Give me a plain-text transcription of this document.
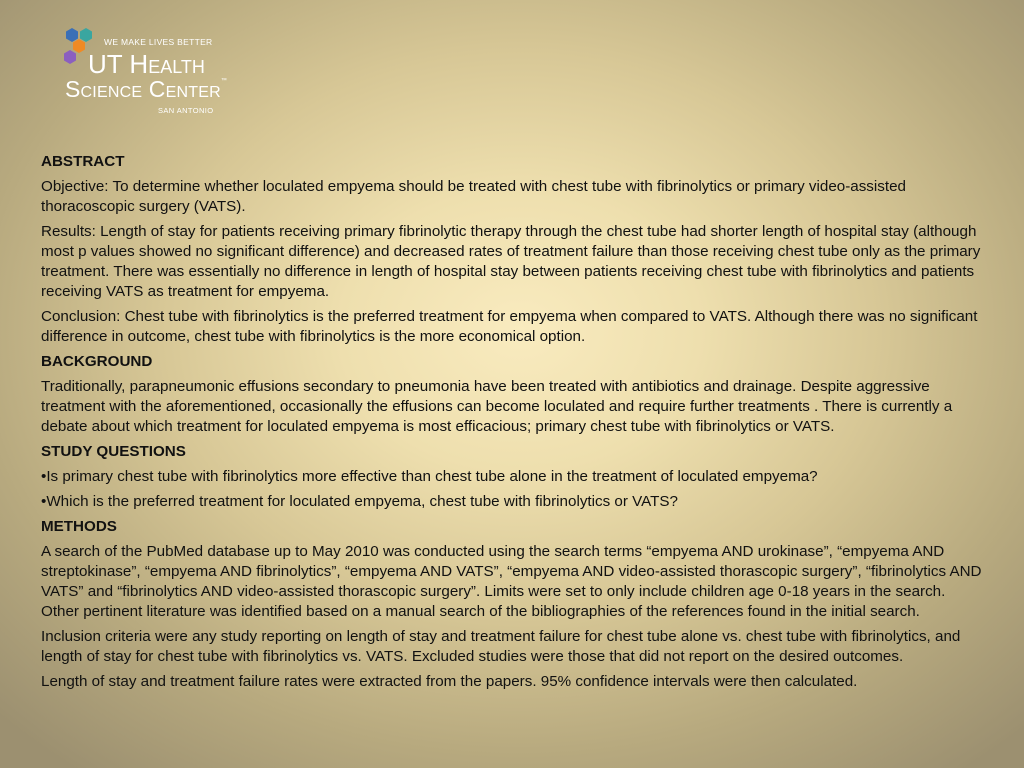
WE MAKE LIVES BETTER
UT Health
Science Center™
SAN ANTONIO
ABSTRACT

Objective: To determine whether loculated empyema should be treated with chest tube with fibrinolytics or primary video-assisted thoracoscopic surgery (VATS).

Results: Length of stay for patients receiving primary fibrinolytic therapy through the chest tube had shorter length of hospital stay (although most p values showed no significant difference) and decreased rates of treatment failure than those receiving chest tube only as the primary treatment. There was essentially no difference in length of hospital stay between patients receiving chest tube with fibrinolytics and patients receiving VATS as treatment for empyema.

Conclusion: Chest tube with fibrinolytics is the preferred treatment for empyema when compared to VATS. Although there was no significant difference in outcome, chest tube with fibrinolytics is the more economical option.

BACKGROUND

Traditionally, parapneumonic effusions secondary to pneumonia have been treated with antibiotics and drainage. Despite aggressive treatment with the aforementioned, occasionally the effusions can become loculated and require further treatments . There is currently a debate about which treatment for loculated empyema is most efficacious; primary chest tube with fibrinolytics or VATS.

STUDY QUESTIONS

•Is primary chest tube with fibrinolytics more effective than chest tube alone in the treatment of loculated empyema?

•Which is the preferred treatment for loculated empyema, chest tube with fibrinolytics or VATS?

METHODS

A search of the PubMed database up to May 2010 was conducted using the search terms “empyema AND urokinase”, “empyema AND streptokinase”, “empyema AND fibrinolytics”, “empyema AND VATS”, “empyema AND video-assisted thorascopic surgery”, “fibrinolytics AND VATS” and “fibrinolytics AND video-assisted thorascopic surgery”. Limits were set to only include children age 0-18 years in the search. Other pertinent literature was identified based on a manual search of the bibliographies of the references found in the initial search.

Inclusion criteria were any study reporting on length of stay and treatment failure for chest tube alone vs. chest tube with fibrinolytics, and length of stay for chest tube with fibrinolytics vs. VATS. Excluded studies were those that did not report on the desired outcomes.

Length of stay and treatment failure rates were extracted from the papers. 95% confidence intervals were then calculated.
